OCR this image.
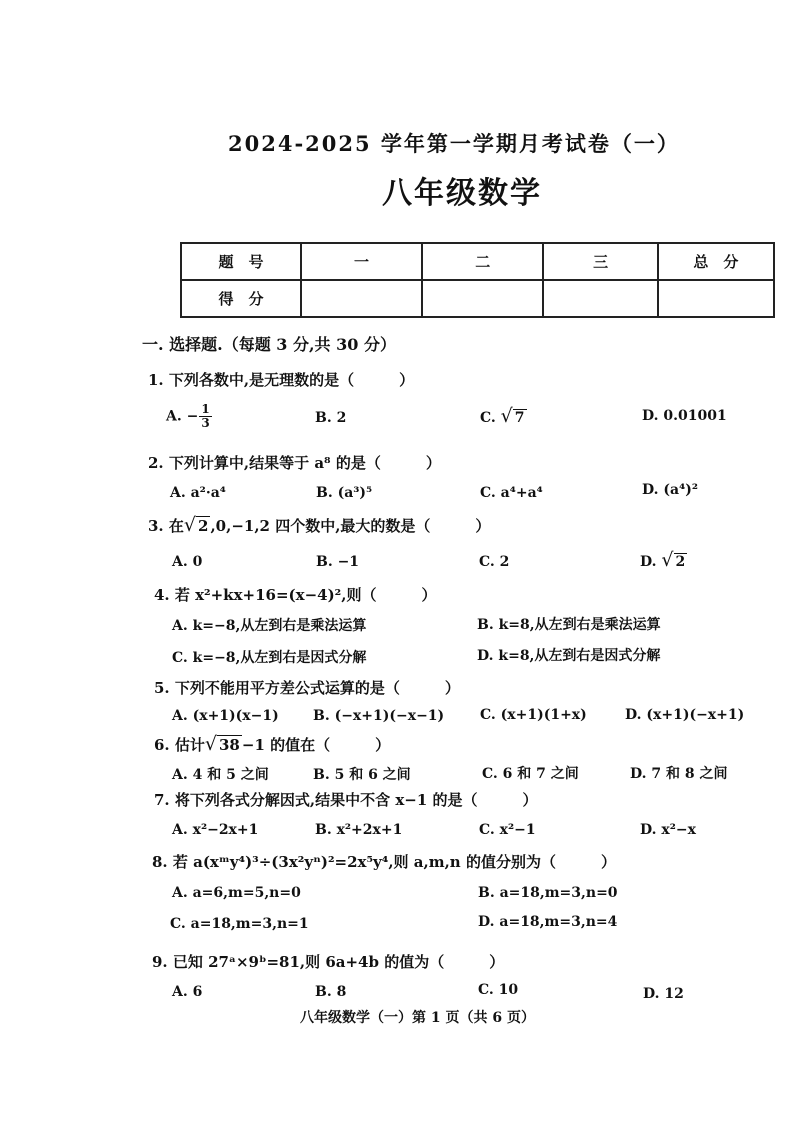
2024-2025 学年第一学期月考试卷（一）
八年级数学
题　号	一	二	三	总　分
得　分				
一. 选择题.（每题 3 分,共 30 分）
1. 下列各数中,是无理数的是（　　　）
A. − $\frac{1}{3}$	B. 2	C. √ 7	D. 0.01001
2. 下列计算中,结果等于 a⁸ 的是（　　　）
A. a²·a⁴	B. (a³)⁵	C. a⁴+a⁴	D. (a⁴)²
3. 在√ 2 ,0,−1,2 四个数中,最大的数是（　　　）
A. 0	B. −1	C. 2	D. √ 2
4. 若 x²+kx+16=(x−4)²,则（　　　）
A. k=−8,从左到右是乘法运算	B. k=8,从左到右是乘法运算
C. k=−8,从左到右是因式分解	D. k=8,从左到右是因式分解
5. 下列不能用平方差公式运算的是（　　　）
A. (x+1)(x−1) B. (−x+1)(−x−1)	C. (x+1)(1+x)	D. (x+1)(−x+1)
6. 估计√ 38 −1 的值在（　　　）
A. 4 和 5 之间	B. 5 和 6 之间	C. 6 和 7 之间	D. 7 和 8 之间
7. 将下列各式分解因式,结果中不含 x−1 的是（　　　）
A. x²−2x+1	B. x²+2x+1	C. x²−1	D. x²−x
8. 若 a(xᵐy⁴)³÷(3x²yⁿ)²=2x⁵y⁴,则 a,m,n 的值分别为（　　　）
A. a=6,m=5,n=0	B. a=18,m=3,n=0
C. a=18,m=3,n=1	D. a=18,m=3,n=4
9. 已知 27ᵃ×9ᵇ=81,则 6a+4b 的值为（　　　）
A. 6	B. 8	C. 10	D. 12
八年级数学（一）第 1 页（共 6 页）
